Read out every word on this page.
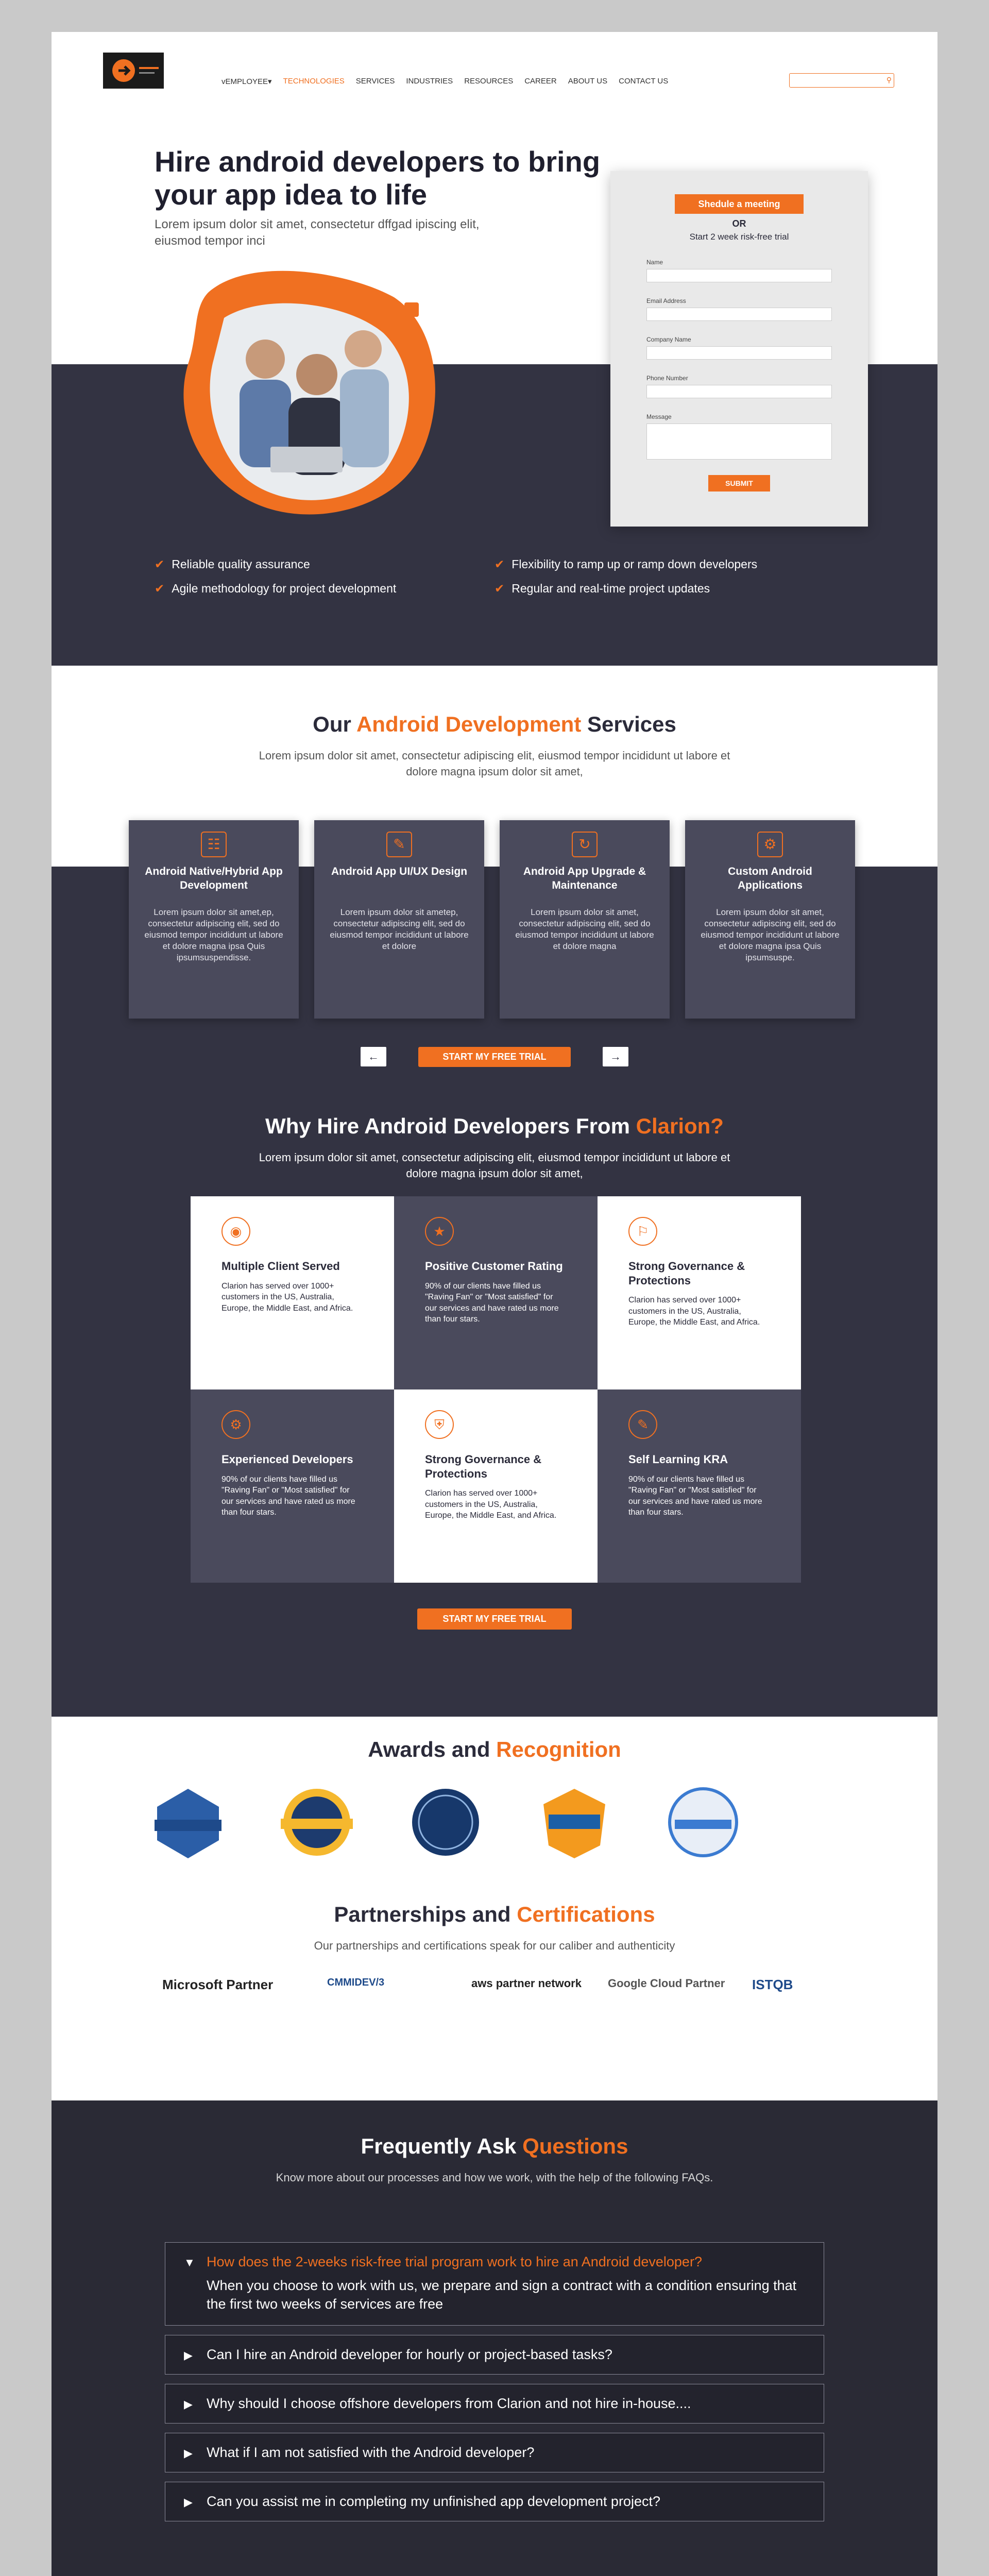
vEMPLOYEE▾ TECHNOLOGIES SERVICES INDUSTRIES RESOURCES CAREER ABOUT US CONTACT US	⚲
Hire android developers to bring your app idea to life
Lorem ipsum dolor sit amet, consectetur dffgad ipiscing elit, eiusmod tempor inci
✔ Reliable quality assurance	✔ Flexibility to ramp up or ramp down developers
✔ Agile methodology for project development	✔ Regular and real-time project updates
Shedule a meeting
OR
Start 2 week risk-free trial
Name
Email Address
Company Name
Phone Number
Message
SUBMIT
Our Android Development Services
Lorem ipsum dolor sit amet, consectetur adipiscing elit, eiusmod tempor incididunt ut labore et dolore magna ipsum dolor sit amet,
☷
Android Native/Hybrid App Development
Lorem ipsum dolor sit amet,ep, consectetur adipiscing elit, sed do eiusmod tempor incididunt ut labore et dolore magna ipsa Quis ipsumsuspendisse.
✎
Android App UI/UX Design
Lorem ipsum dolor sit ametep, consectetur adipiscing elit, sed do eiusmod tempor incididunt ut labore et dolore
↻
Android App Upgrade & Maintenance
Lorem ipsum dolor sit amet, consectetur adipiscing elit, sed do eiusmod tempor incididunt ut labore et dolore magna
⚙
Custom Android Applications
Lorem ipsum dolor sit amet, consectetur adipiscing elit, sed do eiusmod tempor incididunt ut labore et dolore magna ipsa Quis ipsumsuspe.
←	START MY FREE TRIAL	→
Why Hire Android Developers From Clarion?
Lorem ipsum dolor sit amet, consectetur adipiscing elit, eiusmod tempor incididunt ut labore et dolore magna ipsum dolor sit amet,
◉
Multiple Client Served
Clarion has served over 1000+ customers in the US, Australia, Europe, the Middle East, and Africa.
★
Positive Customer Rating
90% of our clients have filled us "Raving Fan" or "Most satisfied" for our services and have rated us more than four stars.
⚐
Strong Governance & Protections
Clarion has served over 1000+ customers in the US, Australia, Europe, the Middle East, and Africa.
⚙
Experienced Developers
90% of our clients have filled us "Raving Fan" or "Most satisfied" for our services and have rated us more than four stars.
⛨
Strong Governance & Protections
Clarion has served over 1000+ customers in the US, Australia, Europe, the Middle East, and Africa.
✎
Self Learning KRA
90% of our clients have filled us "Raving Fan" or "Most satisfied" for our services and have rated us more than four stars.
START MY FREE TRIAL
Awards and Recognition
Partnerships and Certifications
Our partnerships and certifications speak for our caliber and authenticity
Microsoft Partner	CMMIDEV/3	aws partner network Google Cloud Partner ISTQB
Frequently Ask Questions
Know more about our processes and how we work, with the help of the following FAQs.
▼ How does the 2-weeks risk-free trial program work to hire an Android developer?
When you choose to work with us, we prepare and sign a contract with a condition ensuring that the first two weeks of services are free
▶ Can I hire an Android developer for hourly or project-based tasks?
▶ Why should I choose offshore developers from Clarion and not hire in-house....
▶ What if I am not satisfied with the Android developer?
▶ Can you assist me in completing my unfinished app development project?
